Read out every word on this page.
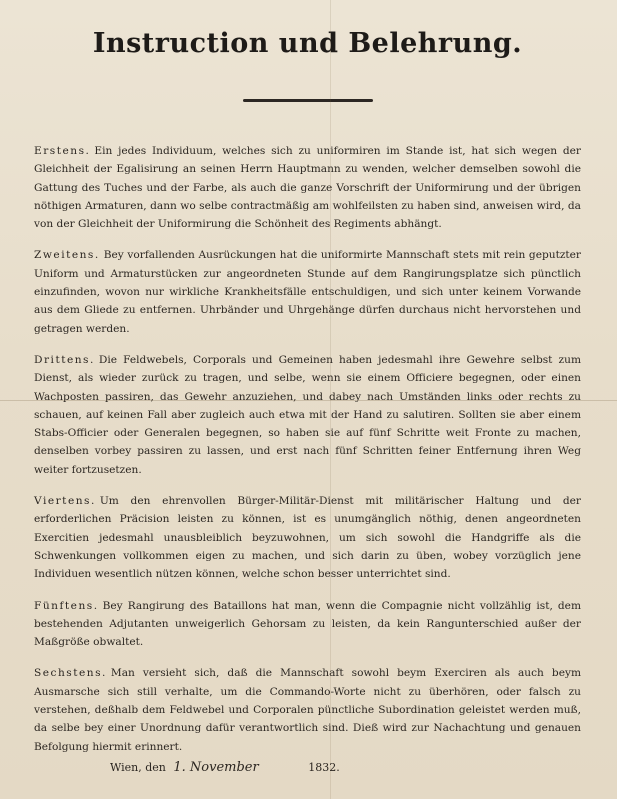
Instruction und Belehrung.

Erstens. Ein jedes Individuum, welches sich zu uniformiren im Stande ist, hat sich wegen der Gleichheit der Egalisirung an seinen Herrn Hauptmann zu wenden, welcher demselben sowohl die Gattung des Tuches und der Farbe, als auch die ganze Vorschrift der Uniformirung und der übrigen nöthigen Armaturen, dann wo selbe contractmäßig am wohlfeilsten zu haben sind, anweisen wird, da von der Gleichheit der Uniformirung die Schönheit des Regiments abhängt.

Zweitens. Bey vorfallenden Ausrückungen hat die uniformirte Mannschaft stets mit rein geputzter Uniform und Armaturstücken zur angeordneten Stunde auf dem Rangirungsplatze sich pünctlich einzufinden, wovon nur wirkliche Krankheitsfälle entschuldigen, und sich unter keinem Vorwande aus dem Gliede zu entfernen. Uhrbänder und Uhrgehänge dürfen durchaus nicht hervorstehen und getragen werden.

Drittens. Die Feldwebels, Corporals und Gemeinen haben jedesmahl ihre Gewehre selbst zum Dienst, als wieder zurück zu tragen, und selbe, wenn sie einem Officiere begegnen, oder einen Wachposten passiren, das Gewehr anzuziehen, und dabey nach Umständen links oder rechts zu schauen, auf keinen Fall aber zugleich auch etwa mit der Hand zu salutiren. Sollten sie aber einem Stabs-Officier oder Generalen begegnen, so haben sie auf fünf Schritte weit Fronte zu machen, denselben vorbey passiren zu lassen, und erst nach fünf Schritten feiner Entfernung ihren Weg weiter fortzusetzen.

Viertens. Um den ehrenvollen Bürger-Militär-Dienst mit militärischer Haltung und der erforderlichen Präcision leisten zu können, ist es unumgänglich nöthig, denen angeordneten Exercitien jedesmahl unausbleiblich beyzuwohnen, um sich sowohl die Handgriffe als die Schwenkungen vollkommen eigen zu machen, und sich darin zu üben, wobey vorzüglich jene Individuen wesentlich nützen können, welche schon besser unterrichtet sind.

Fünftens. Bey Rangirung des Bataillons hat man, wenn die Compagnie nicht vollzählig ist, dem bestehenden Adjutanten unweigerlich Gehorsam zu leisten, da kein Rangunterschied außer der Maßgröße obwaltet.

Sechstens. Man versieht sich, daß die Mannschaft sowohl beym Exerciren als auch beym Ausmarsche sich still verhalte, um die Commando-Worte nicht zu überhören, oder falsch zu verstehen, deßhalb dem Feldwebel und Corporalen pünctliche Subordination geleistet werden muß, da selbe bey einer Unordnung dafür verantwortlich sind. Dieß wird zur Nachachtung und genauen Befolgung hiermit erinnert.

Wien, den 1. November	1832.
